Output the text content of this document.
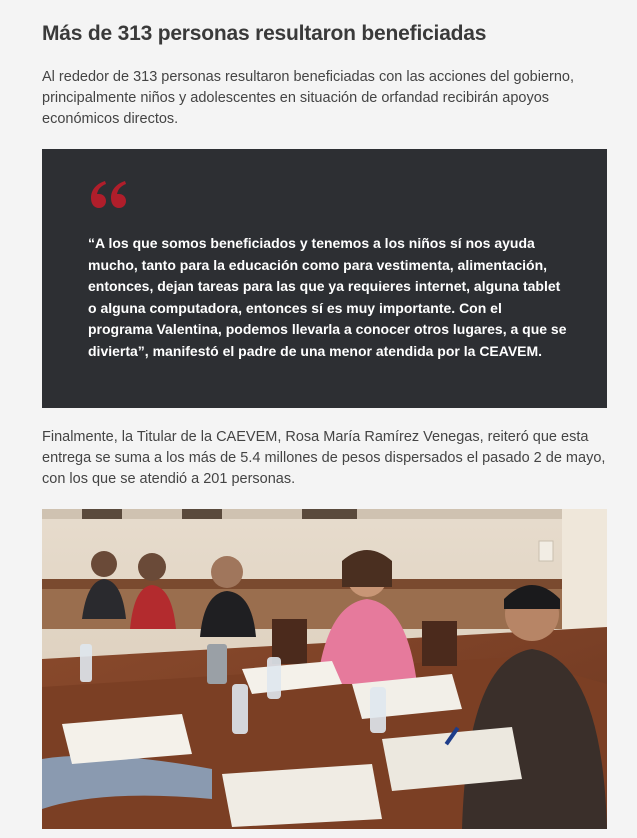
Más de 313 personas resultaron beneficiadas

Al rededor de 313 personas resultaron beneficiadas con las acciones del gobierno, principalmente niños y adolescentes en situación de orfandad recibirán apoyos económicos directos.

“A los que somos beneficiados y tenemos a los niños sí nos ayuda mucho, tanto para la educación como para vestimenta, alimentación, entonces, dejan tareas para las que ya requieres internet, alguna tablet o alguna computadora, entonces sí es muy importante. Con el programa Valentina, podemos llevarla a conocer otros lugares, a que se divierta”, manifestó el padre de una menor atendida por la CEAVEM.

Finalmente, la Titular de la CAEVEM, Rosa María Ramírez Venegas, reiteró que esta entrega se suma a los más de 5.4 millones de pesos dispersados el pasado 2 de mayo, con los que se atendió a 201 personas.
